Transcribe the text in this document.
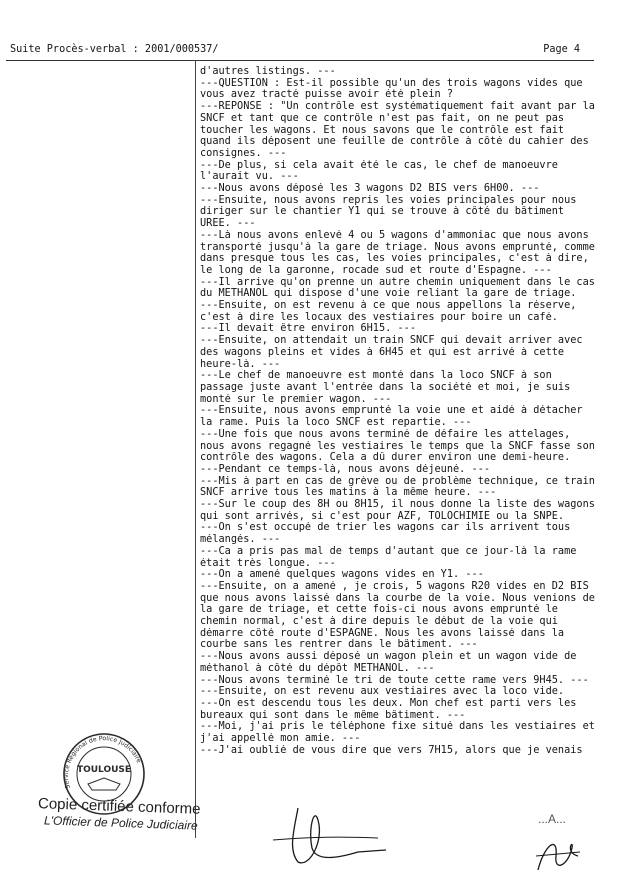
Suite Procès-verbal : 2001/000537/	Page 4
d'autres listings. ---
---QUESTION : Est-il possible qu'un des trois wagons vides que
vous avez tracté puisse avoir été plein ?
---REPONSE : "Un contrôle est systématiquement fait avant par la
SNCF et tant que ce contrôle n'est pas fait, on ne peut pas
toucher les wagons. Et nous savons que le contrôle est fait
quand ils déposent une feuille de contrôle à côté du cahier des
consignes. ---
---De plus, si cela avait été le cas, le chef de manoeuvre
l'aurait vu. ---
---Nous avons déposé les 3 wagons D2 BIS vers 6H00. ---
---Ensuite, nous avons repris les voies principales pour nous
diriger sur le chantier Y1 qui se trouve à côté du bâtiment
UREE. ---
---Là nous avons enlevé 4 ou 5 wagons d'ammoniac que nous avons
transporté jusqu'à la gare de triage. Nous avons emprunté, comme
dans presque tous les cas, les voies principales, c'est à dire,
le long de la garonne, rocade sud et route d'Espagne. ---
---Il arrive qu'on prenne un autre chemin uniquement dans le cas
du METHANOL qui dispose d'une voie reliant la gare de triage.
---Ensuite, on est revenu à ce que nous appellons la réserve,
c'est à dire les locaux des vestiaires pour boire un café.
---Il devait être environ 6H15. ---
---Ensuite, on attendait un train SNCF qui devait arriver avec
des wagons pleins et vides à 6H45 et qui est arrivé à cette
heure-là. ---
---Le chef de manoeuvre est monté dans la loco SNCF à son
passage juste avant l'entrée dans la société et moi, je suis
monté sur le premier wagon. ---
---Ensuite, nous avons emprunté la voie une et aidé à détacher
la rame. Puis la loco SNCF est repartie. ---
---Une fois que nous avons terminé de défaire les attelages,
nous avons regagné les vestiaires le temps que la SNCF fasse son
contrôle des wagons. Cela a dû durer environ une demi-heure.
---Pendant ce temps-là, nous avons déjeuné. ---
---Mis à part en cas de grève ou de problème technique, ce train
SNCF arrive tous les matins à la même heure. ---
---Sur le coup des 8H ou 8H15, il nous donne la liste des wagons
qui sont arrivés, si c'est pour AZF, TOLOCHIMIE ou la SNPE.
---On s'est occupé de trier les wagons car ils arrivent tous
mélangés. ---
---Ca a pris pas mal de temps d'autant que ce jour-là la rame
était très longue. ---
---On a amené quelques wagons vides en Y1. ---
---Ensuite, on a amené , je crois, 5 wagons R20 vides en D2 BIS
que nous avons laissé dans la courbe de la voie. Nous venions de
la gare de triage, et cette fois-ci nous avons emprunté le
chemin normal, c'est à dire depuis le début de la voie qui
démarre côté route d'ESPAGNE. Nous les avons laissé dans la
courbe sans les rentrer dans le bâtiment. ---
---Nous avons aussi déposé un wagon plein et un wagon vide de
méthanol à côté du dépôt METHANOL. ---
---Nous avons terminé le tri de toute cette rame vers 9H45. ---
---Ensuite, on est revenu aux vestiaires avec la loco vide.
---On est descendu tous les deux. Mon chef est parti vers les
bureaux qui sont dans le même bâtiment. ---
---Moi, j'ai pris le téléphone fixe situé dans les vestiaires et
j'ai appellé mon amie. ---
---J'ai oublié de vous dire que vers 7H15, alors que je venais
Service Régional de Police Judiciaire
TOULOUSE
Copie certifiée conforme
L'Officier de Police Judiciaire	...A...
